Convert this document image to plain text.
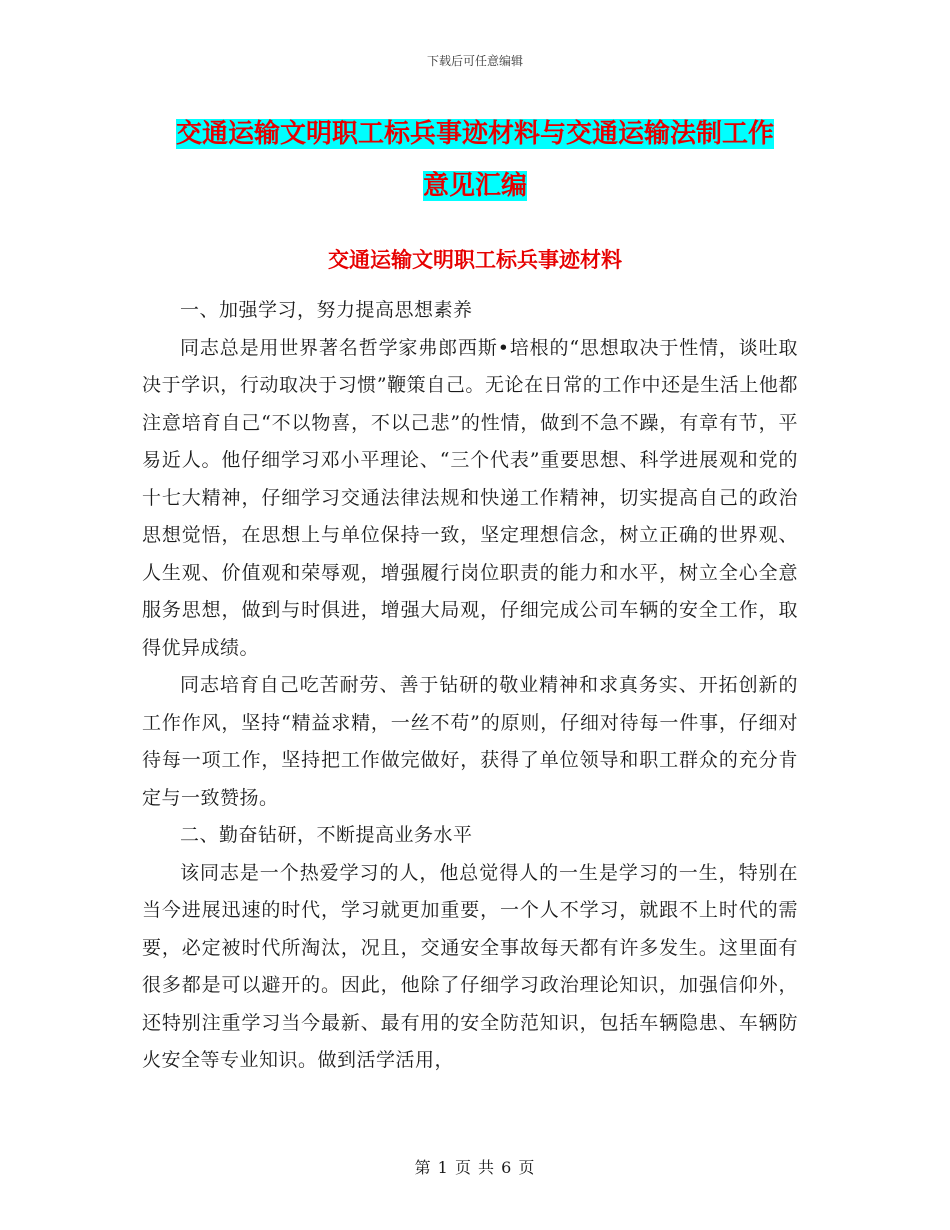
下载后可任意编辑
交通运输文明职工标兵事迹材料与交通运输法制工作
意见汇编
交通运输文明职工标兵事迹材料

一、加强学习，努力提高思想素养

同志总是用世界著名哲学家弗郎西斯•培根的“思想取决于性情，谈吐取决于学识，行动取决于习惯”鞭策自己。无论在日常的工作中还是生活上他都注意培育自己“不以物喜，不以己悲”的性情，做到不急不躁，有章有节，平易近人。他仔细学习邓小平理论、“三个代表”重要思想、科学进展观和党的十七大精神，仔细学习交通法律法规和快递工作精神，切实提高自己的政治思想觉悟，在思想上与单位保持一致，坚定理想信念，树立正确的世界观、人生观、价值观和荣辱观，增强履行岗位职责的能力和水平，树立全心全意服务思想，做到与时俱进，增强大局观，仔细完成公司车辆的安全工作，取得优异成绩。

同志培育自己吃苦耐劳、善于钻研的敬业精神和求真务实、开拓创新的工作作风，坚持“精益求精，一丝不苟”的原则，仔细对待每一件事，仔细对待每一项工作，坚持把工作做完做好，获得了单位领导和职工群众的充分肯定与一致赞扬。

二、勤奋钻研，不断提高业务水平

该同志是一个热爱学习的人，他总觉得人的一生是学习的一生，特别在当今进展迅速的时代，学习就更加重要，一个人不学习，就跟不上时代的需要，必定被时代所淘汰，况且，交通安全事故每天都有许多发生。这里面有很多都是可以避开的。因此，他除了仔细学习政治理论知识，加强信仰外，还特别注重学习当今最新、最有用的安全防范知识，包括车辆隐患、车辆防火安全等专业知识。做到活学活用，

第 1 页 共 6 页
